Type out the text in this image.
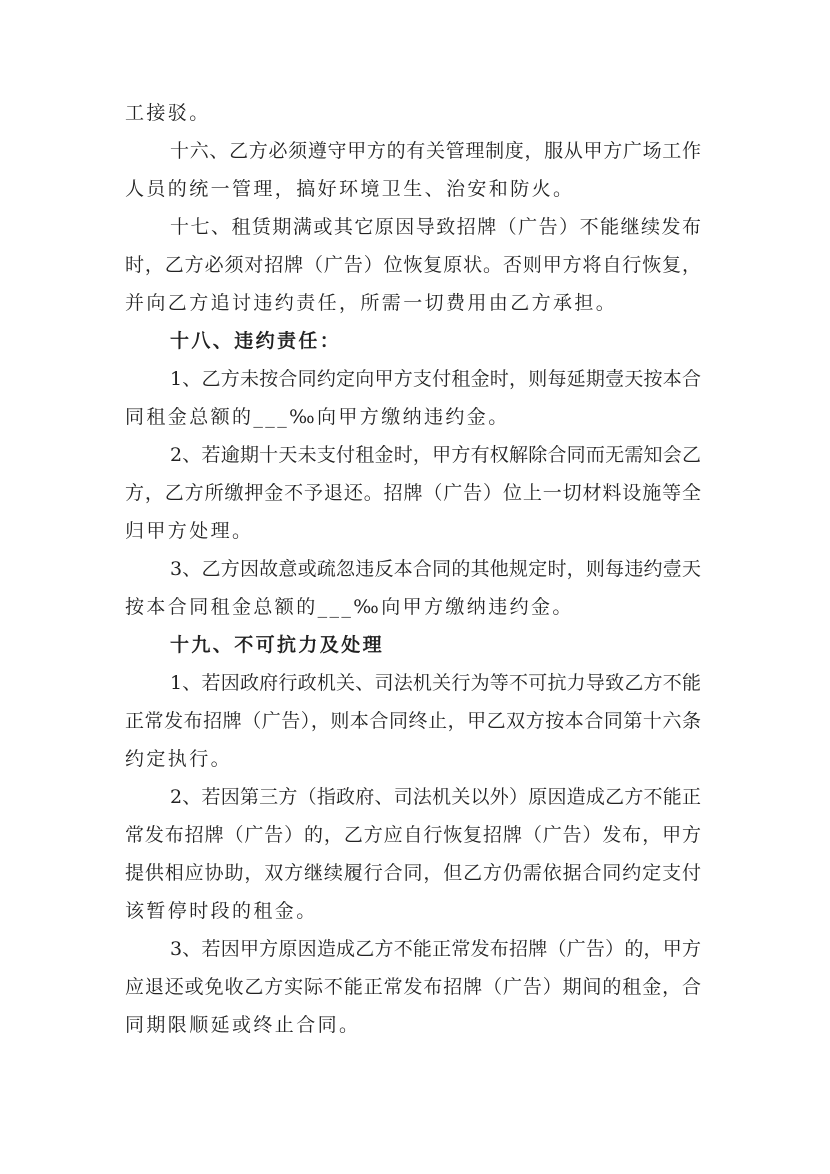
工接驳。
十六、乙方必须遵守甲方的有关管理制度，服从甲方广场工作
人员的统一管理，搞好环境卫生、治安和防火。
十七、租赁期满或其它原因导致招牌（广告）不能继续发布
时，乙方必须对招牌（广告）位恢复原状。否则甲方将自行恢复，
并向乙方追讨违约责任，所需一切费用由乙方承担。
十八、违约责任：
1、乙方未按合同约定向甲方支付租金时，则每延期壹天按本合
同租金总额的___‰向甲方缴纳违约金。
2、若逾期十天未支付租金时，甲方有权解除合同而无需知会乙
方，乙方所缴押金不予退还。招牌（广告）位上一切材料设施等全
归甲方处理。
3、乙方因故意或疏忽违反本合同的其他规定时，则每违约壹天
按本合同租金总额的___‰向甲方缴纳违约金。
十九、不可抗力及处理
1、若因政府行政机关、司法机关行为等不可抗力导致乙方不能
正常发布招牌（广告），则本合同终止，甲乙双方按本合同第十六条
约定执行。
2、若因第三方（指政府、司法机关以外）原因造成乙方不能正
常发布招牌（广告）的，乙方应自行恢复招牌（广告）发布，甲方
提供相应协助，双方继续履行合同，但乙方仍需依据合同约定支付
该暂停时段的租金。
3、若因甲方原因造成乙方不能正常发布招牌（广告）的，甲方
应退还或免收乙方实际不能正常发布招牌（广告）期间的租金，合
同期限顺延或终止合同。
